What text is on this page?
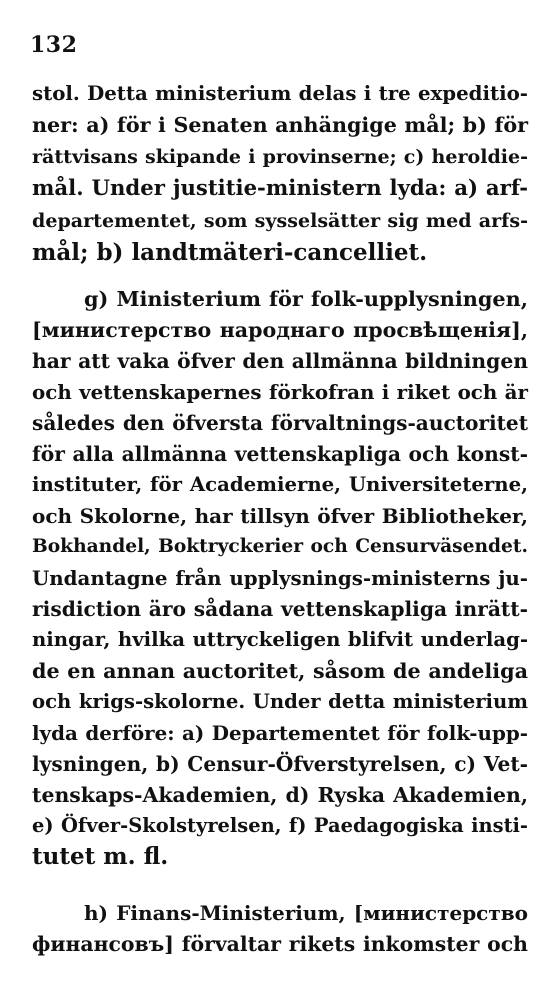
132
stol. Detta ministerium delas i tre expeditio-
ner: a) för i Senaten anhängige mål; b) för
rättvisans skipande i provinserne; c) heroldie-
mål. Under justitie-ministern lyda: a) arf-
departementet, som sysselsätter sig med arfs-
mål; b) landtmäteri-cancelliet.
g) Ministerium för folk-upplysningen,
[министерство народнаго просвѣщенія],
har att vaka öfver den allmänna bildningen
och vettenskapernes förkofran i riket och är
således den öfversta förvaltnings-auctoritet
för alla allmänna vettenskapliga och konst-
instituter, för Academierne, Universiteterne,
och Skolorne, har tillsyn öfver Bibliotheker,
Bokhandel, Boktryckerier och Censurväsendet.
Undantagne från upplysnings-ministerns ju-
risdiction äro sådana vettenskapliga inrätt-
ningar, hvilka uttryckeligen blifvit underlag-
de en annan auctoritet, såsom de andeliga
och krigs-skolorne. Under detta ministerium
lyda derföre: a) Departementet för folk-upp-
lysningen, b) Censur-Öfverstyrelsen, c) Vet-
tenskaps-Akademien, d) Ryska Akademien,
e) Öfver-Skolstyrelsen, f) Paedagogiska insti-
tutet m. fl.
h) Finans-Ministerium, [министерство
финансовъ] förvaltar rikets inkomster och
